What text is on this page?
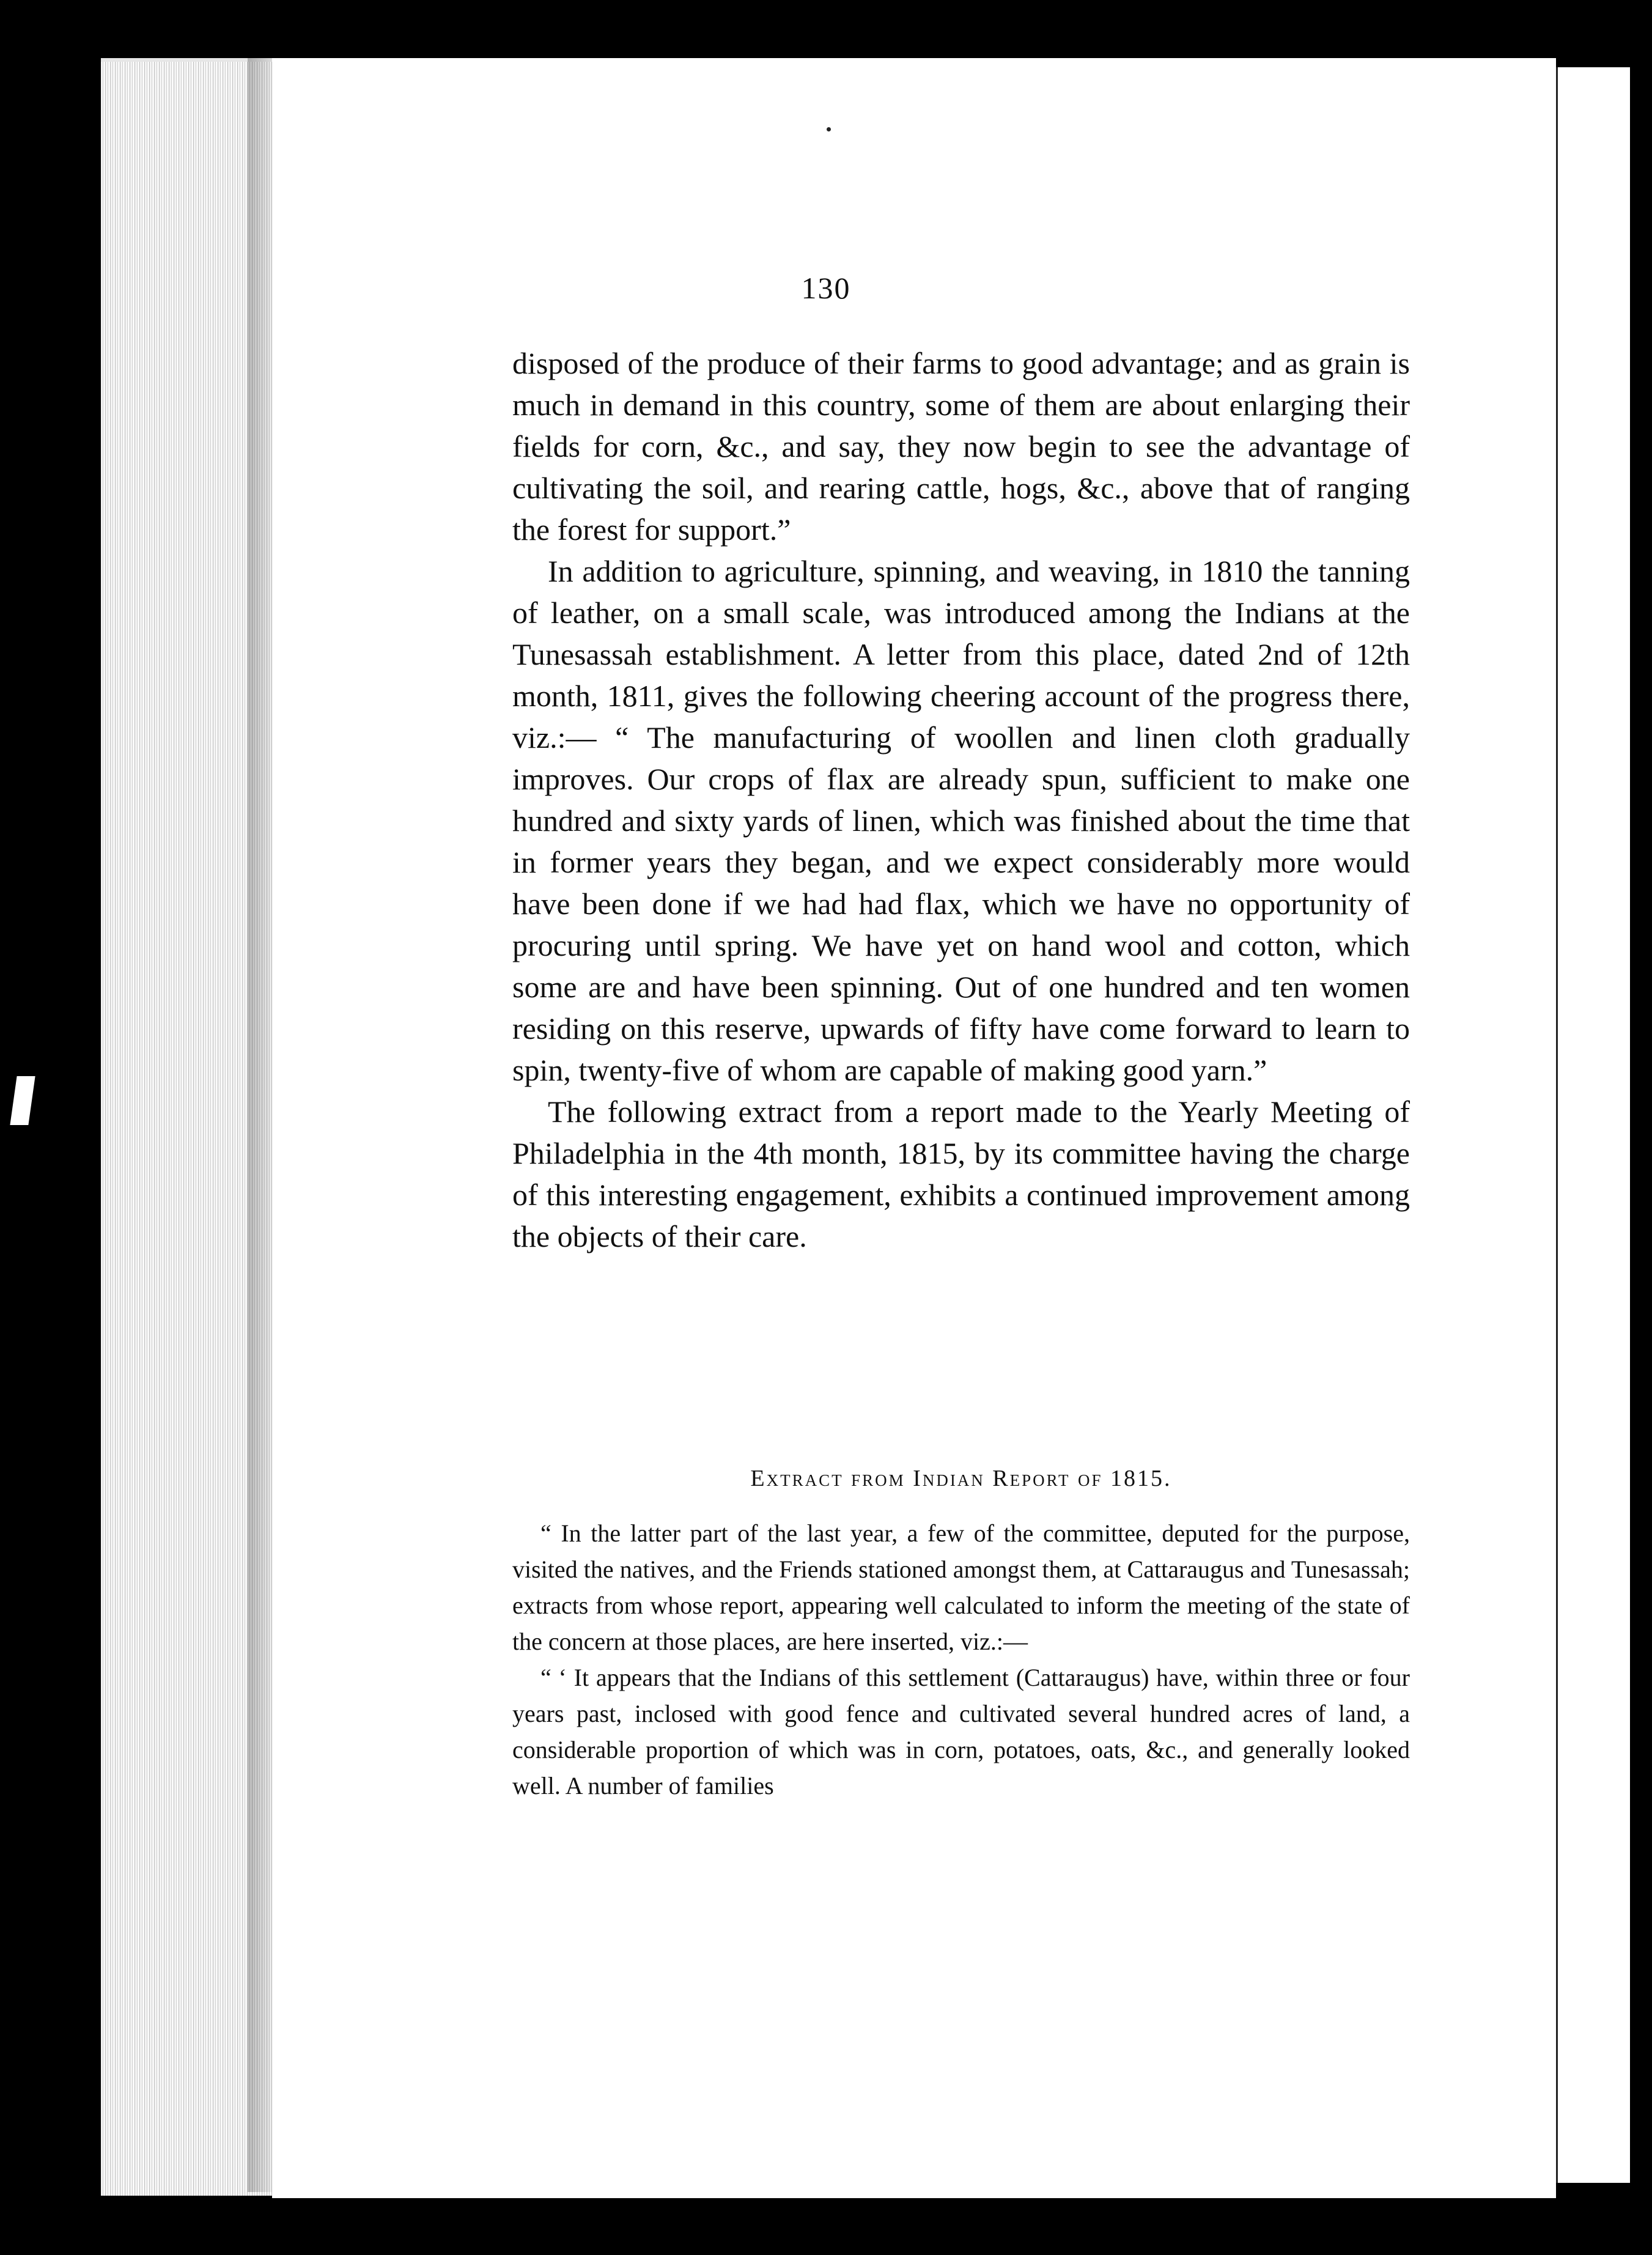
130

disposed of the produce of their farms to good advantage; and as grain is much in demand in this country, some of them are about enlarging their fields for corn, &c., and say, they now begin to see the advantage of cultivating the soil, and rearing cattle, hogs, &c., above that of ranging the forest for support.”

In addition to agriculture, spinning, and weaving, in 1810 the tanning of leather, on a small scale, was introduced among the Indians at the Tunesassah establishment. A letter from this place, dated 2nd of 12th month, 1811, gives the following cheering account of the progress there, viz.:— “ The manufacturing of woollen and linen cloth gradually improves. Our crops of flax are already spun, sufficient to make one hundred and sixty yards of linen, which was finished about the time that in former years they began, and we expect considerably more would have been done if we had had flax, which we have no opportunity of procuring until spring. We have yet on hand wool and cotton, which some are and have been spinning. Out of one hundred and ten women residing on this reserve, upwards of fifty have come forward to learn to spin, twenty-five of whom are capable of making good yarn.”

The following extract from a report made to the Yearly Meeting of Philadelphia in the 4th month, 1815, by its committee having the charge of this interesting engagement, exhibits a continued improvement among the objects of their care.

Extract from Indian Report of 1815.

“ In the latter part of the last year, a few of the committee, deputed for the purpose, visited the natives, and the Friends stationed amongst them, at Cattaraugus and Tunesassah; extracts from whose report, appearing well calculated to inform the meeting of the state of the concern at those places, are here inserted, viz.:—

“ ‘ It appears that the Indians of this settlement (Cattaraugus) have, within three or four years past, inclosed with good fence and cultivated several hundred acres of land, a considerable proportion of which was in corn, potatoes, oats, &c., and generally looked well. A number of families
